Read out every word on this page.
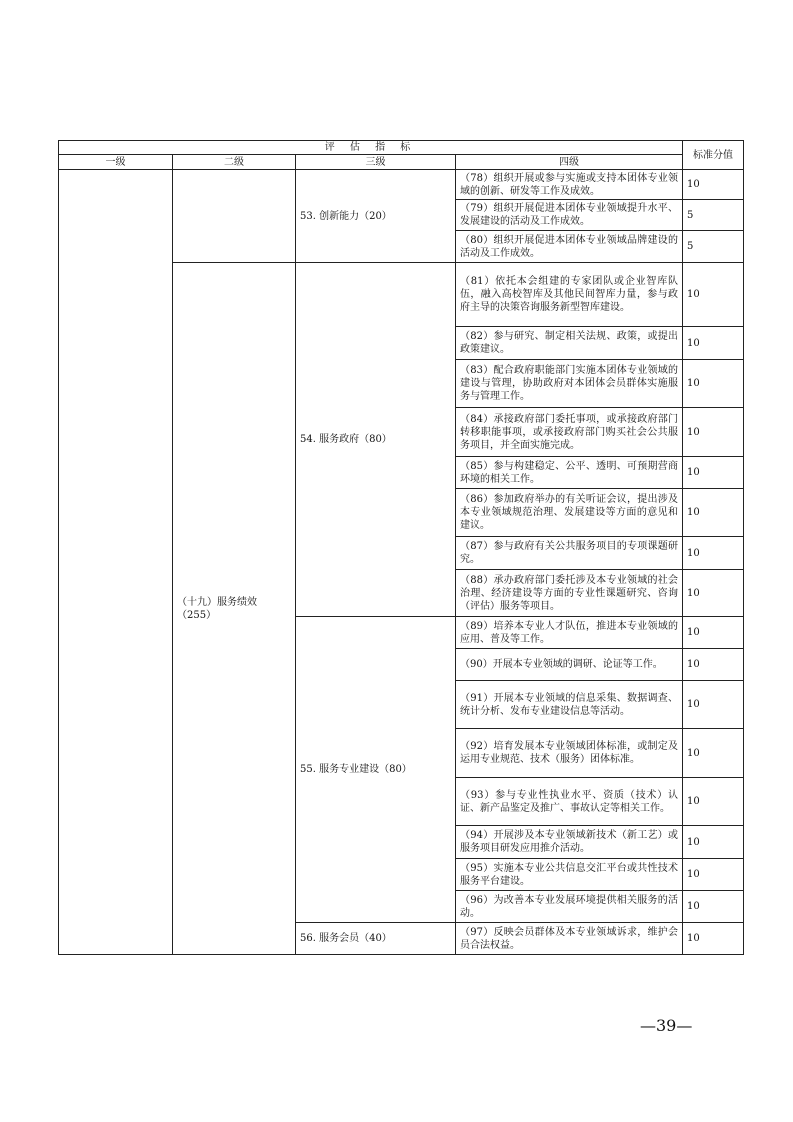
评 估 指 标				标准分值
一级	二级	三级	四级	
		53. 创新能力（20）	（78）组织开展或参与实施或支持本团体专业领域的创新、研发等工作及成效。	10
			（79）组织开展促进本团体专业领域提升水平、发展建设的活动及工作成效。	5
			（80）组织开展促进本团体专业领域品牌建设的活动及工作成效。	5
	（十九）服务绩效（255）	54. 服务政府（80）	（81）依托本会组建的专家团队或企业智库队伍，融入高校智库及其他民间智库力量，参与政府主导的决策咨询服务新型智库建设。	10
			（82）参与研究、制定相关法规、政策，或提出政策建议。	10
			（83）配合政府职能部门实施本团体专业领域的建设与管理，协助政府对本团体会员群体实施服务与管理工作。	10
			（84）承接政府部门委托事项，或承接政府部门转移职能事项，或承接政府部门购买社会公共服务项目，并全面实施完成。	10
			（85）参与构建稳定、公平、透明、可预期营商环境的相关工作。	10
			（86）参加政府举办的有关听证会议，提出涉及本专业领域规范治理、发展建设等方面的意见和建议。	10
			（87）参与政府有关公共服务项目的专项课题研究。	10
			（88）承办政府部门委托涉及本专业领域的社会治理、经济建设等方面的专业性课题研究、咨询（评估）服务等项目。	10
		55. 服务专业建设（80）	（89）培养本专业人才队伍，推进本专业领域的应用、普及等工作。	10
			（90）开展本专业领域的调研、论证等工作。	10
			（91）开展本专业领域的信息采集、数据调查、统计分析、发布专业建设信息等活动。	10
			（92）培育发展本专业领域团体标准，或制定及运用专业规范、技术（服务）团体标准。	10
			（93）参与专业性执业水平、资质（技术）认证、新产品鉴定及推广、事故认定等相关工作。	10
			（94）开展涉及本专业领域新技术（新工艺）或服务项目研发应用推介活动。	10
			（95）实施本专业公共信息交汇平台或共性技术服务平台建设。	10
			（96）为改善本专业发展环境提供相关服务的活动。	10
		56. 服务会员（40）	（97）反映会员群体及本专业领域诉求，维护会员合法权益。	10
—39—
